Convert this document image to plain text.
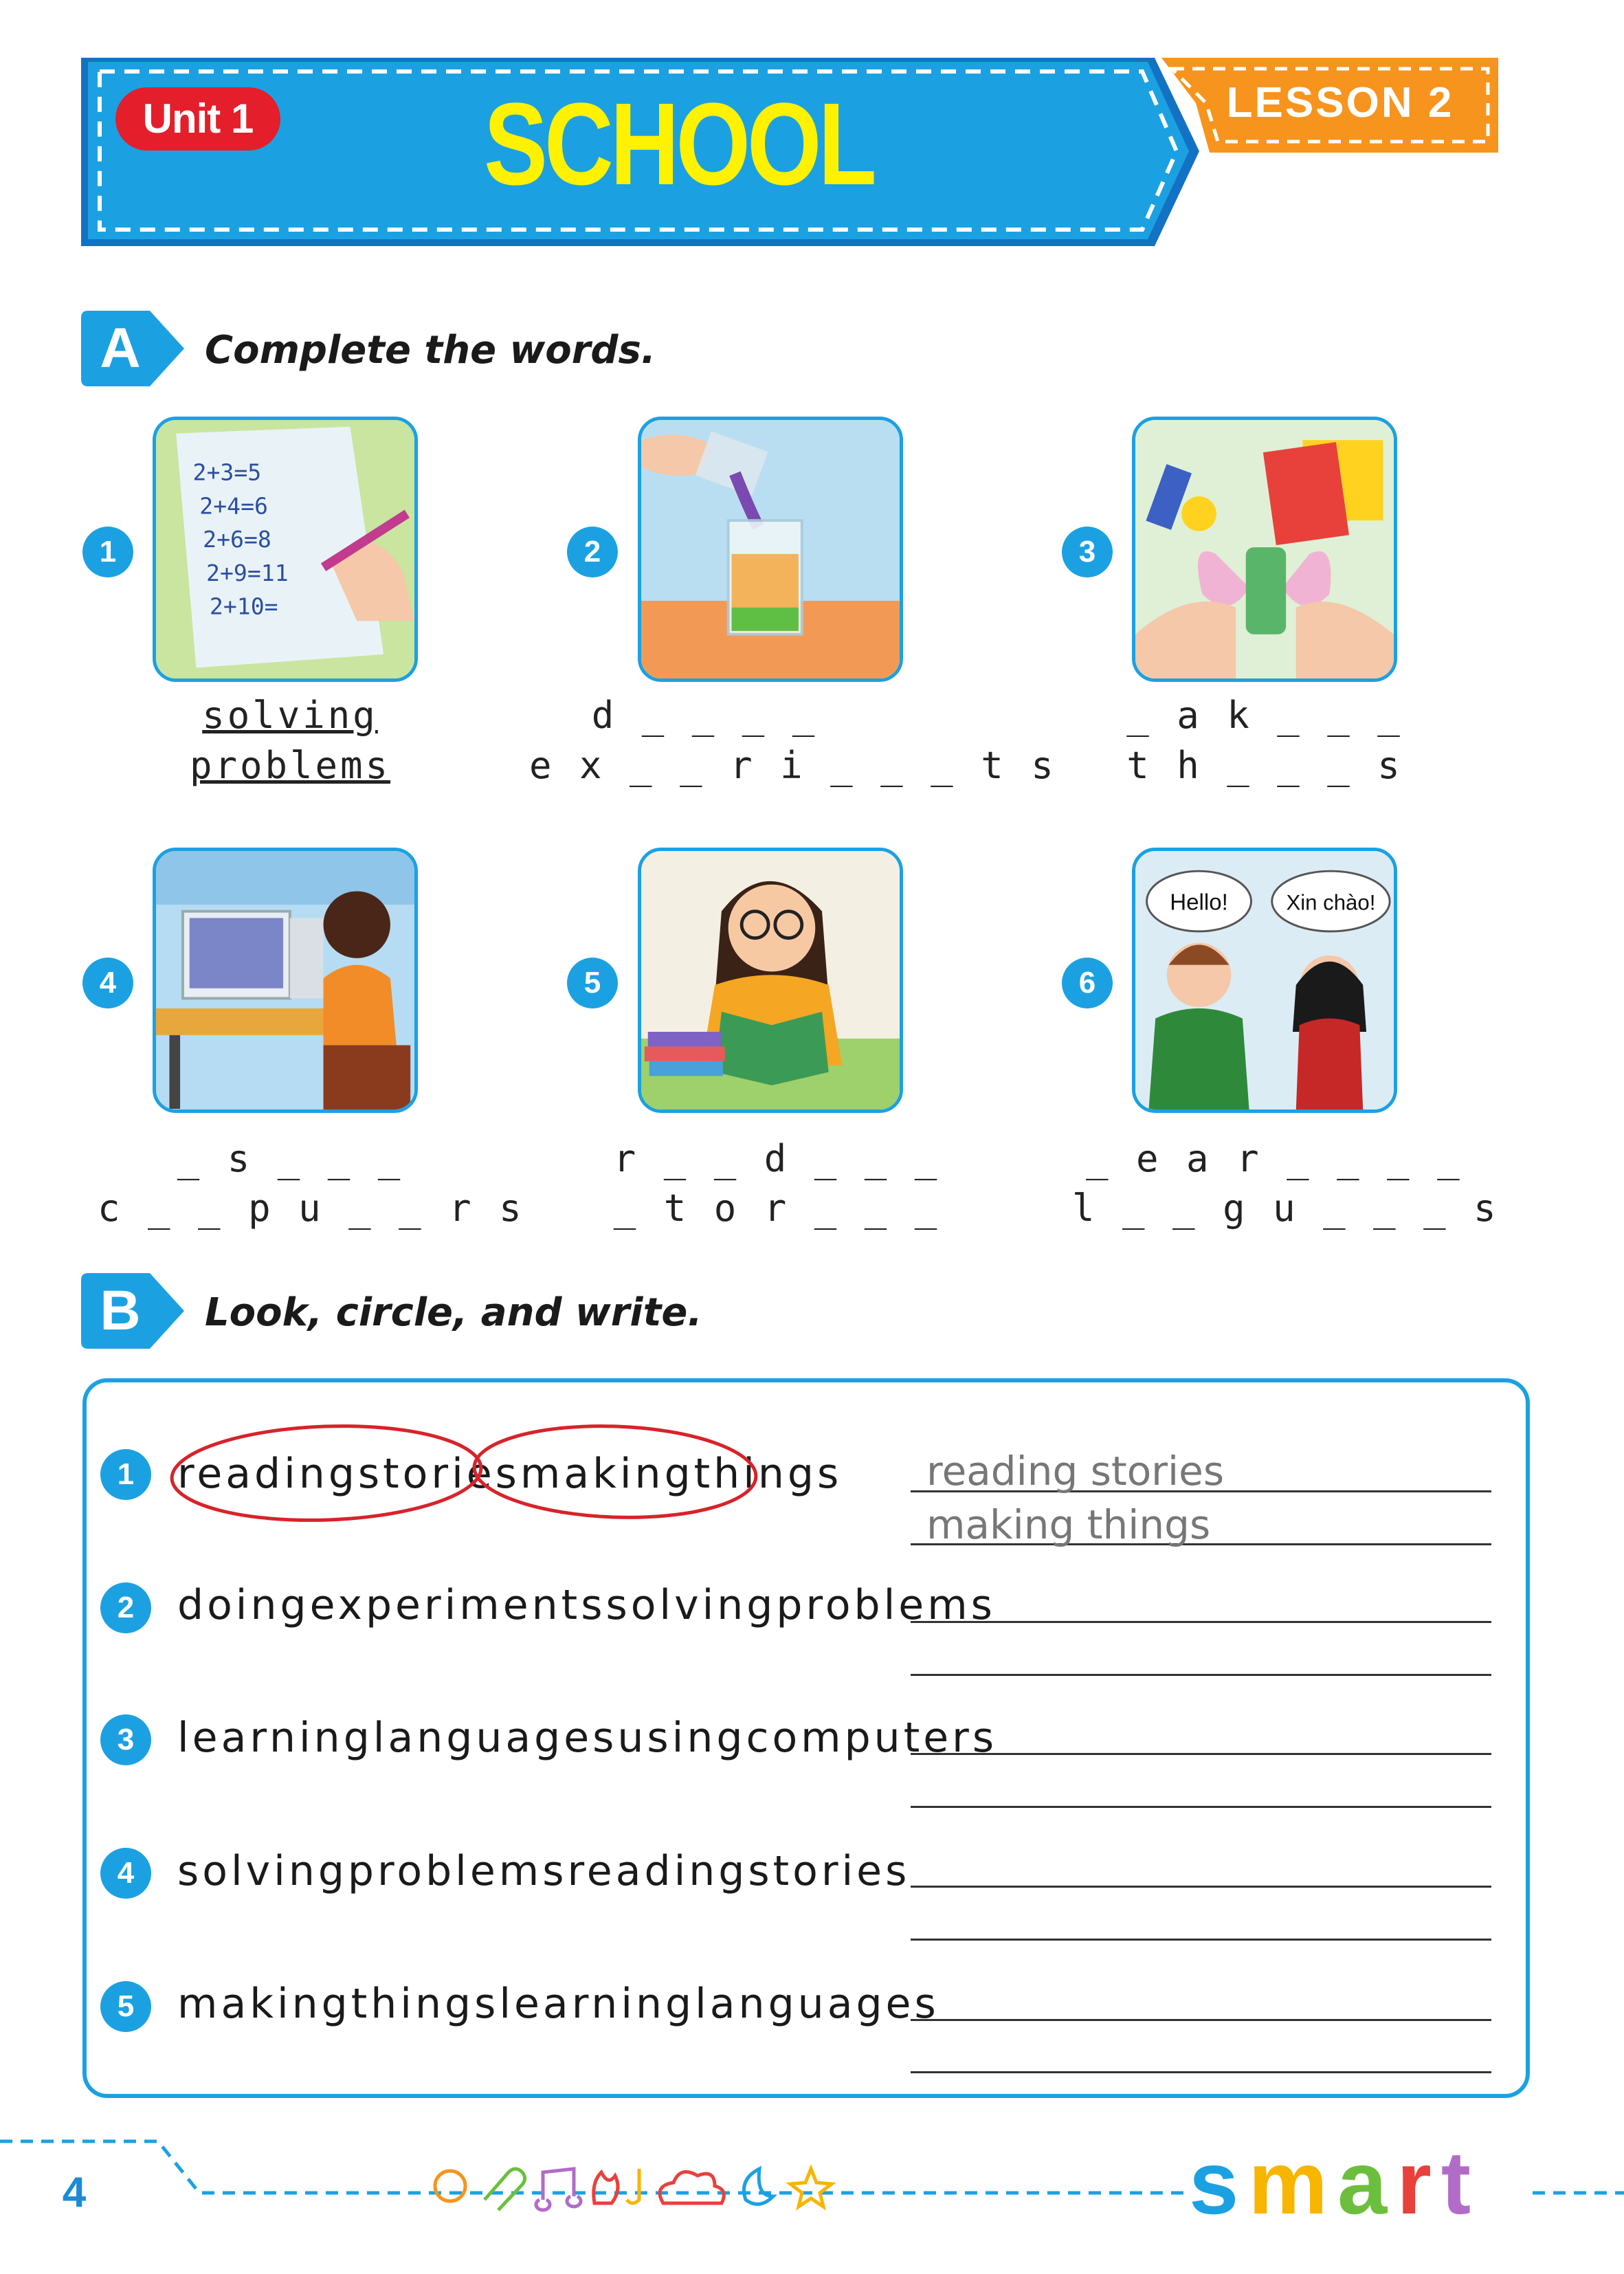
Unit 1 SCHOOL	LESSON 2
A	Complete the words.
1	2	3
4	5	6
2+3=5
2+4=6
2+6=8
2+9=11
2+10=
Hello!	Xin chào!
solving
problems
d _ _ _ _
e x _ _ r i _ _ _ t s
_ a k _ _ _
t h _ _ _ s
_ s _ _ _
c _ _ p u _ _ r s
r _ _ d _ _ _
_ t o r _ _ _
_ e a r _ _ _ _
l _ _ g u _ _ _ s
B	Look, circle, and write.
1
2
3
4
5
readingstoriesmakingthings
doingexperimentssolvingproblems
learninglanguagesusingcomputers
solvingproblemsreadingstories
makingthingslearninglanguages
reading stories
making things
4	smart
